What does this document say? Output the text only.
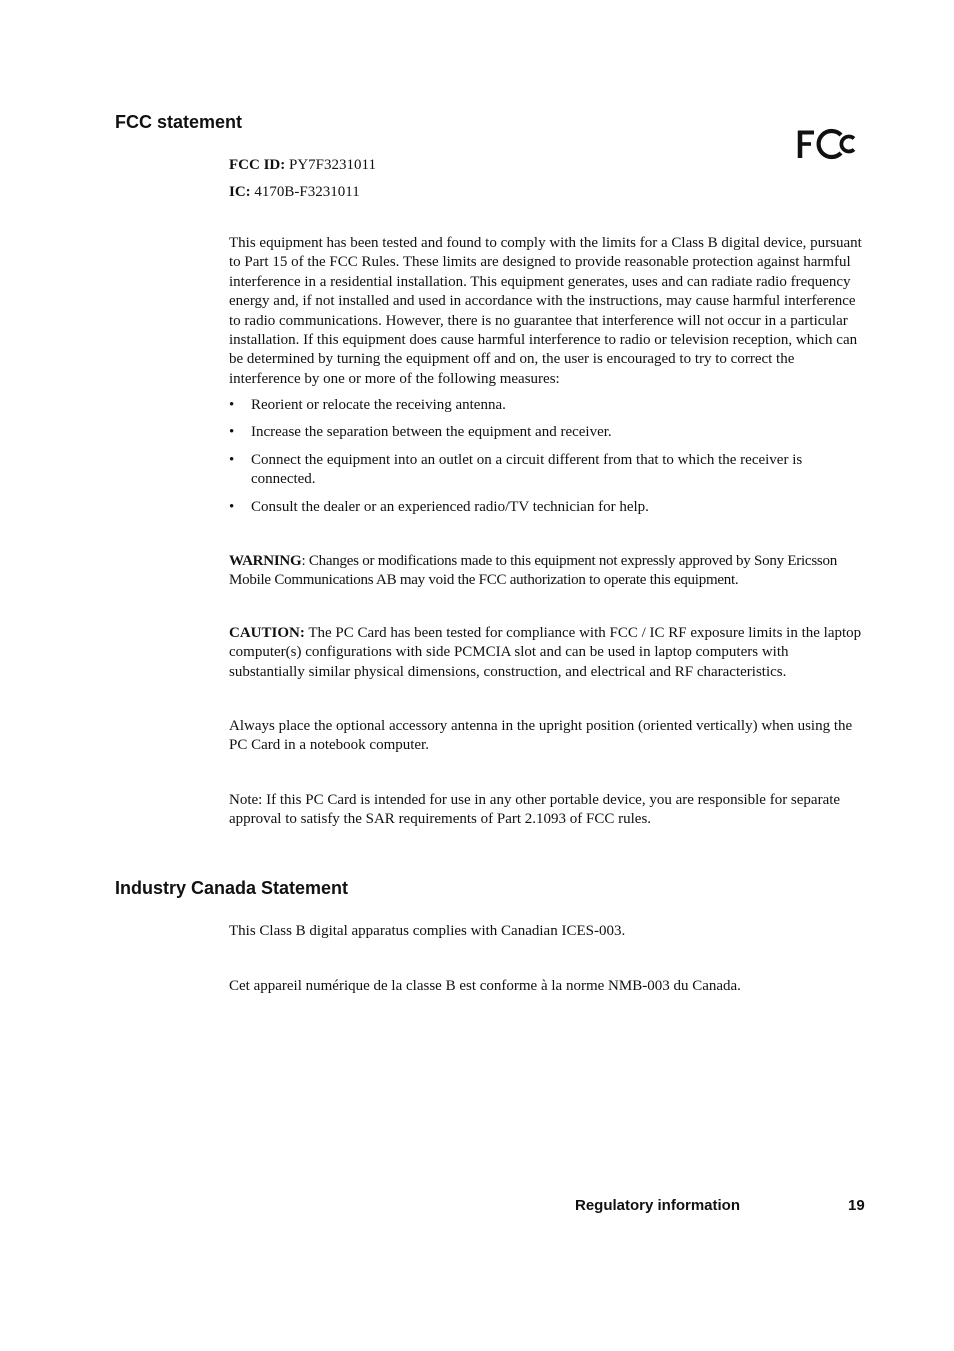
FCC statement

FCC ID: PY7F3231011

IC: 4170B-F3231011

This equipment has been tested and found to comply with the limits for a Class B digital device, pursuant to Part 15 of the FCC Rules. These limits are designed to provide reasonable protection against harmful interference in a residential installation. This equipment generates, uses and can radiate radio frequency energy and, if not installed and used in accordance with the instructions, may cause harmful interference to radio communications. However, there is no guarantee that interference will not occur in a particular installation. If this equipment does cause harmful interference to radio or television reception, which can be determined by turning the equipment off and on, the user is encouraged to try to correct the interference by one or more of the following measures:

• Reorient or relocate the receiving antenna.
• Increase the separation between the equipment and receiver.
• Connect the equipment into an outlet on a circuit different from that to which the receiver is connected.
• Consult the dealer or an experienced radio/TV technician for help.

WARNING: Changes or modifications made to this equipment not expressly approved by Sony Ericsson Mobile Communications AB may void the FCC authorization to operate this equipment.

CAUTION: The PC Card has been tested for compliance with FCC / IC RF exposure limits in the laptop computer(s) configurations with side PCMCIA slot and can be used in laptop computers with substantially similar physical dimensions, construction, and electrical and RF characteristics.

Always place the optional accessory antenna in the upright position (oriented vertically) when using the PC Card in a notebook computer.

Note: If this PC Card is intended for use in any other portable device, you are responsible for separate approval to satisfy the SAR requirements of Part 2.1093 of FCC rules.

Industry Canada Statement

This Class B digital apparatus complies with Canadian ICES-003.

Cet appareil numérique de la classe B est conforme à la norme NMB-003 du Canada.

Regulatory information	19
